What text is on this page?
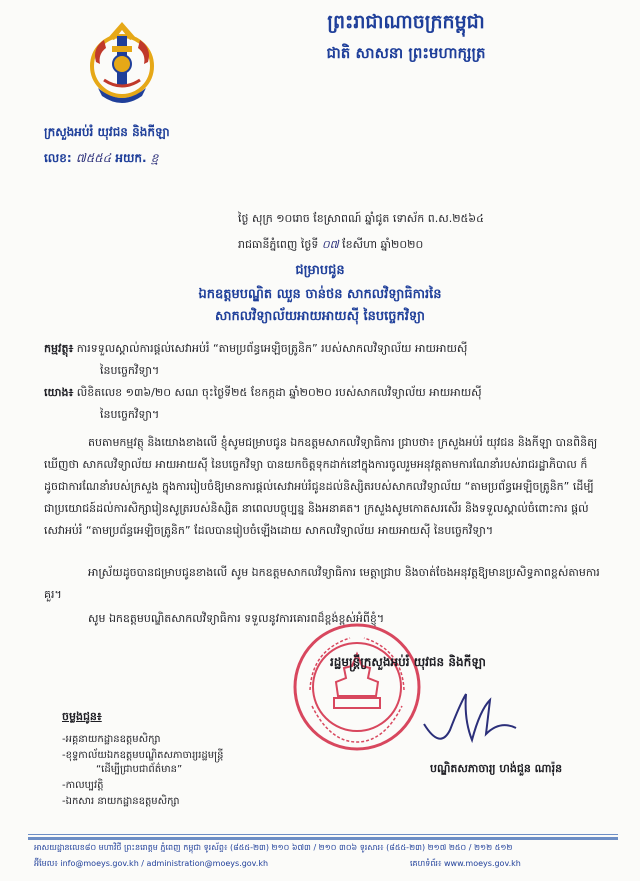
ព្រះរាជាណាចក្រកម្ពុជា
ជាតិ សាសនា ព្រះមហាក្សត្រ
ក្រសួងអប់រំ យុវជន និងកីឡា
លេខ: ៧៥៥៤ អយក. ខ្ម
ថ្ងៃ សុក្រ ១០រោច ខែស្រាពណ៍ ឆ្នាំជូត ទោស័ក ព.ស.២៥៦៤
រាជធានីភ្នំពេញ ថ្ងៃទី ០៧ ខែសីហា ឆ្នាំ២០២០
ជម្រាបជូន
ឯកឧត្តមបណ្ឌិត ឈួន ចាន់ថន សាកលវិទ្យាធិការនៃ
សាកលវិទ្យាល័យអាយអាយស៊ី នៃបច្ចេកវិទ្យា
កម្មវត្ថុ៖ ការទទួលស្គាល់ការផ្ដល់សេវាអប់រំ “តាមប្រព័ន្ធអេឡិចត្រូនិក” របស់សាកលវិទ្យាល័យ អាយអាយស៊ី
នៃបច្ចេកវិទ្យា។
យោង៖ លិខិតលេខ ១៣៦/២០ សណ ចុះថ្ងៃទី២៥ ខែកក្កដា ឆ្នាំ២០២០ របស់សាកលវិទ្យាល័យ អាយអាយស៊ី
នៃបច្ចេកវិទ្យា។
តបតាមកម្មវត្ថុ និងយោងខាងលើ ខ្ញុំសូមជម្រាបជូន ឯកឧត្តមសាកលវិទ្យាធិការ ជ្រាបថា៖ ក្រសួងអប់រំ យុវជន និងកីឡា បានពិនិត្យឃើញថា សាកលវិទ្យាល័យ អាយអាយស៊ី នៃបច្ចេកវិទ្យា បានយកចិត្តទុកដាក់នៅក្នុងការចូលរួមអនុវត្តតាមការណែនាំរបស់រាជរដ្ឋាភិបាល ក៏ដូចជាការណែនាំរបស់ក្រសួង ក្នុងការរៀបចំឱ្យមានការផ្ដល់សេវាអប់រំជូនដល់និស្សិតរបស់សាកលវិទ្យាល័យ “តាមប្រព័ន្ធអេឡិចត្រូនិក” ដើម្បីជាប្រយោជន៍ដល់ការសិក្សារៀនសូត្ររបស់និស្សិត នាពេលបច្ចុប្បន្ន និងអនាគត។ ក្រសួងសូមកោតសរសើរ និងទទួលស្គាល់ចំពោះការ ផ្ដល់សេវាអប់រំ “តាមប្រព័ន្ធអេឡិចត្រូនិក” ដែលបានរៀបចំឡើងដោយ សាកលវិទ្យាល័យ អាយអាយស៊ី នៃបច្ចេកវិទ្យា។
អាស្រ័យដូចបានជម្រាបជូនខាងលើ សូម ឯកឧត្តមសាកលវិទ្យាធិការ មេត្តាជ្រាប និងចាត់ចែងអនុវត្តឱ្យមានប្រសិទ្ធភាពខ្ពស់តាមការគួរ។
សូម ឯកឧត្តមបណ្ឌិតសាកលវិទ្យាធិការ ទទួលនូវការគោរពដ៏ខ្ពង់ខ្ពស់អំពីខ្ញុំ។
រដ្ឋមន្ត្រីក្រសួងអប់រំ យុវជន និងកីឡា
បណ្ឌិតសភាចារ្យ ហង់ជួន ណារ៉ុន
ចម្លងជូន៖
-អគ្គនាយកដ្ឋានឧត្តមសិក្សា
-ខុទ្ទកាល័យឯកឧត្តមបណ្ឌិតសភាចារ្យរដ្ឋមន្ត្រី
“ដើម្បីជ្រាបជាព័ត៌មាន”
-កាលប្បវត្តិ
-ឯកសារ នាយកដ្ឋានឧត្តមសិក្សា
អាសយដ្ឋានលេខ៨០ មហាវិថី ព្រះនរោត្តម ភ្នំពេញ កម្ពុជា ទូរស័ព្ទ៖ (៨៥៥-២៣) ២១០ ៦៧៣ / ២១០ ៣០៦ ទូរសារ៖ (៨៥៥-២៣) ២១៧ ២៥០ / ២១២ ៥១២
អ៊ីមែល៖ info@moeys.gov.kh / administration@moeys.gov.kh	គេហទំព័រ៖ www.moeys.gov.kh
